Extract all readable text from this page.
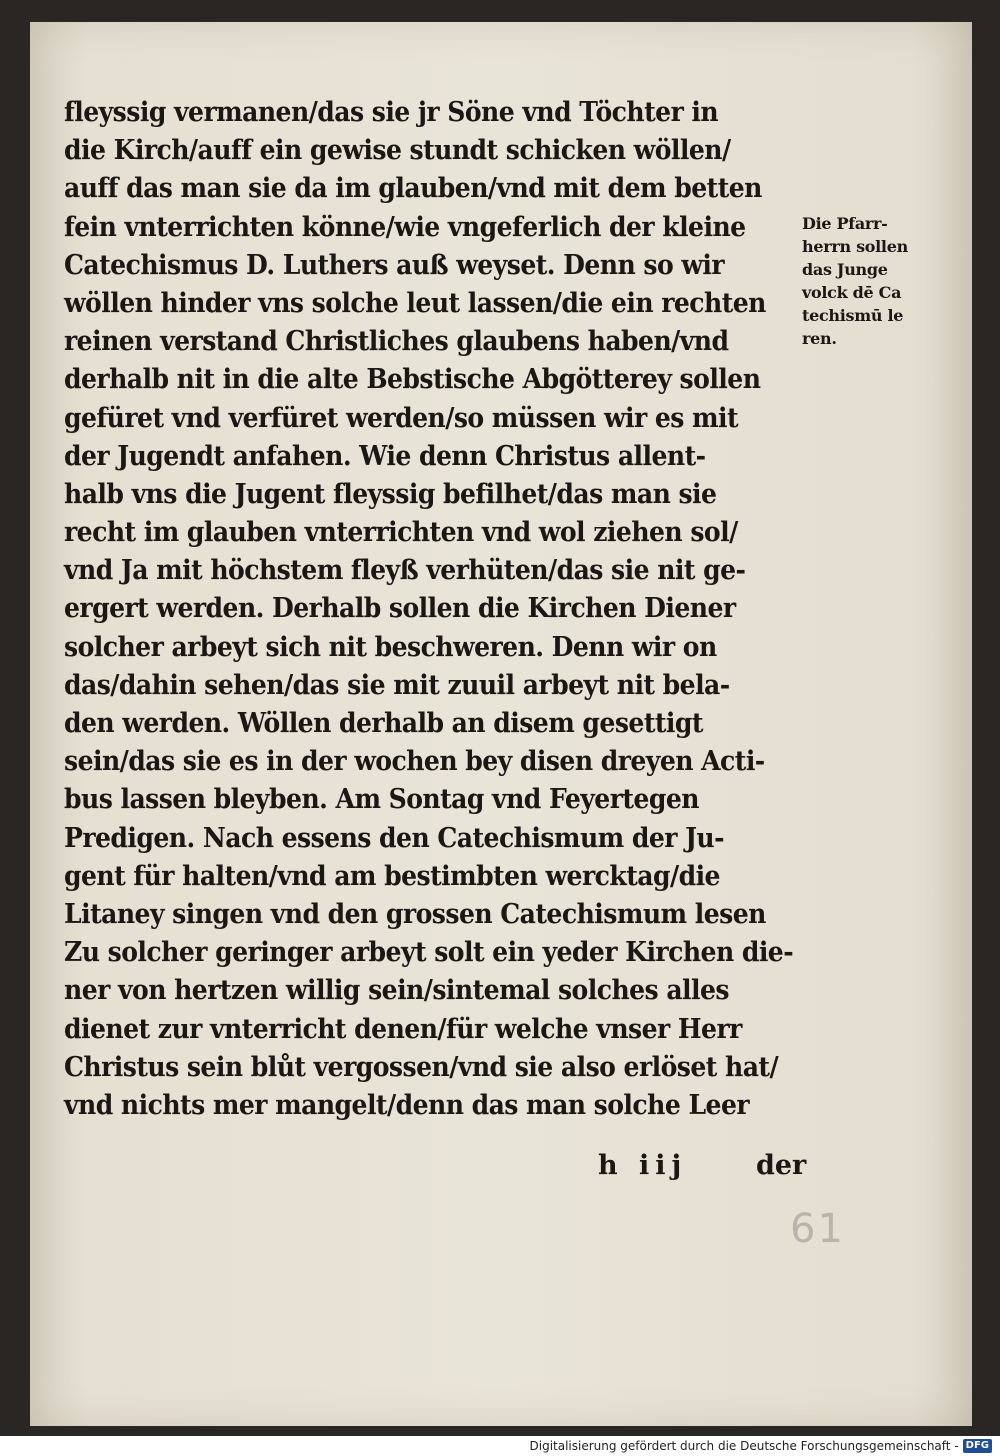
fleyssig vermanen/das sie jr Söne vnd Töchter in
die Kirch/auff ein gewise stundt schicken wöllen/
auff das man sie da im glauben/vnd mit dem betten
fein vnterrichten könne/wie vngeferlich der kleine
Catechismus D. Luthers auß weyset. Denn so wir
wöllen hinder vns solche leut lassen/die ein rechten
reinen verstand Christliches glaubens haben/vnd
derhalb nit in die alte Bebstische Abgötterey sollen
gefüret vnd verfüret werden/so müssen wir es mit
der Jugendt anfahen. Wie denn Christus allent-
halb vns die Jugent fleyssig befilhet/das man sie
recht im glauben vnterrichten vnd wol ziehen sol/
vnd Ja mit höchstem fleyß verhüten/das sie nit ge-
ergert werden. Derhalb sollen die Kirchen Diener
solcher arbeyt sich nit beschweren. Denn wir on
das/dahin sehen/das sie mit zuuil arbeyt nit bela-
den werden. Wöllen derhalb an disem gesettigt
sein/das sie es in der wochen bey disen dreyen Acti-
bus lassen bleyben. Am Sontag vnd Feyertegen
Predigen. Nach essens den Catechismum der Ju-
gent für halten/vnd am bestimbten wercktag/die
Litaney singen vnd den grossen Catechismum lesen
Zu solcher geringer arbeyt solt ein yeder Kirchen die-
ner von hertzen willig sein/sintemal solches alles
dienet zur vnterricht denen/für welche vnser Herr
Christus sein blůt vergossen/vnd sie also erlöset hat/
vnd nichts mer mangelt/denn das man solche Leer
Die Pfarr-
herrn sollen
das Junge
volck dē Ca
techismū le
ren.
h iij	der
61
Digitalisierung gefördert durch die Deutsche Forschungsgemeinschaft - DFG
